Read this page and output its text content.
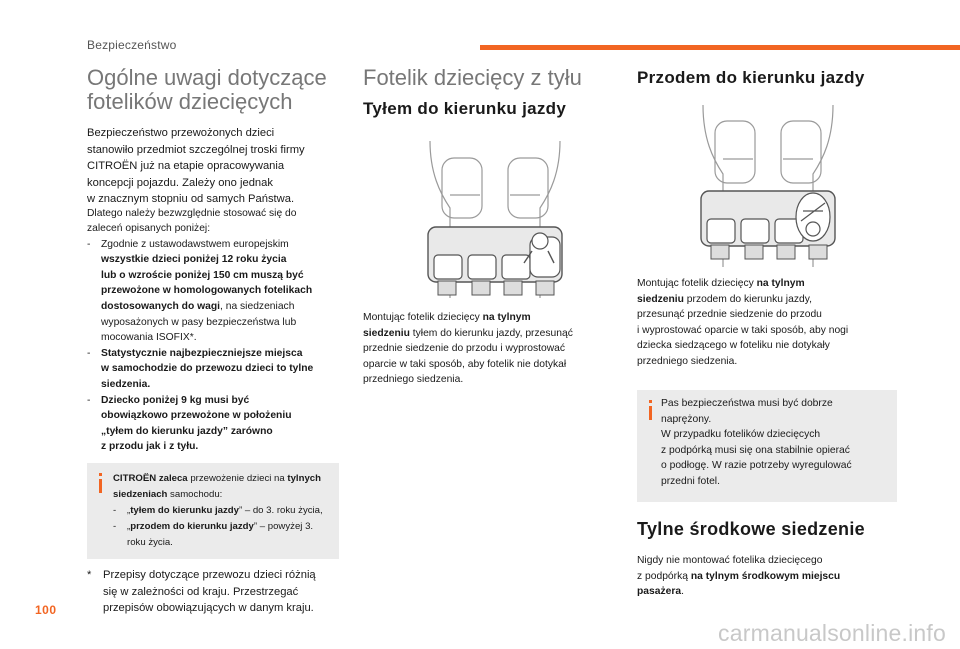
Bezpieczeństwo
Ogólne uwagi dotyczące
fotelików dziecięcych
Bezpieczeństwo przewożonych dzieci
stanowiło przedmiot szczególnej troski firmy
CITROËN już na etapie opracowywania
koncepcji pojazdu. Zależy ono jednak
w znacznym stopniu od samych Państwa.
Dlatego należy bezwzględnie stosować się do
zaleceń opisanych poniżej:
-	Zgodnie z ustawodawstwem europejskim
wszystkie dzieci poniżej 12 roku życia
lub o wzroście poniżej 150 cm muszą być
przewożone w homologowanych fotelikach
dostosowanych do wagi, na siedzeniach
wyposażonych w pasy bezpieczeństwa lub
mocowania ISOFIX*.
-	Statystycznie najbezpieczniejsze miejsca
w samochodzie do przewozu dzieci to tylne
siedzenia.
-	Dziecko poniżej 9 kg musi być
obowiązkowo przewożone w położeniu
„tyłem do kierunku jazdy” zarówno
z przodu jak i z tyłu.
CITROËN zaleca przewożenie dzieci na tylnych
siedzeniach samochodu:
-	„tyłem do kierunku jazdy” – do 3. roku życia,
-	„przodem do kierunku jazdy” – powyżej 3.
roku życia.
*	Przepisy dotyczące przewozu dzieci różnią
się w zależności od kraju. Przestrzegać
przepisów obowiązujących w danym kraju.
Fotelik dziecięcy z tyłu
Tyłem do kierunku jazdy
Montując fotelik dziecięcy na tylnym
siedzeniu tyłem do kierunku jazdy, przesunąć
przednie siedzenie do przodu i wyprostować
oparcie w taki sposób, aby fotelik nie dotykał
przedniego siedzenia.
Przodem do kierunku jazdy
Montując fotelik dziecięcy na tylnym
siedzeniu przodem do kierunku jazdy,
przesunąć przednie siedzenie do przodu
i wyprostować oparcie w taki sposób, aby nogi
dziecka siedzącego w foteliku nie dotykały
przedniego siedzenia.
Pas bezpieczeństwa musi być dobrze
naprężony.
W przypadku fotelików dziecięcych
z podpórką musi się ona stabilnie opierać
o podłogę. W razie potrzeby wyregulować
przedni fotel.
Tylne środkowe siedzenie
Nigdy nie montować fotelika dziecięcego
z podpórką na tylnym środkowym miejscu
pasażera.
100
carmanualsonline.info
